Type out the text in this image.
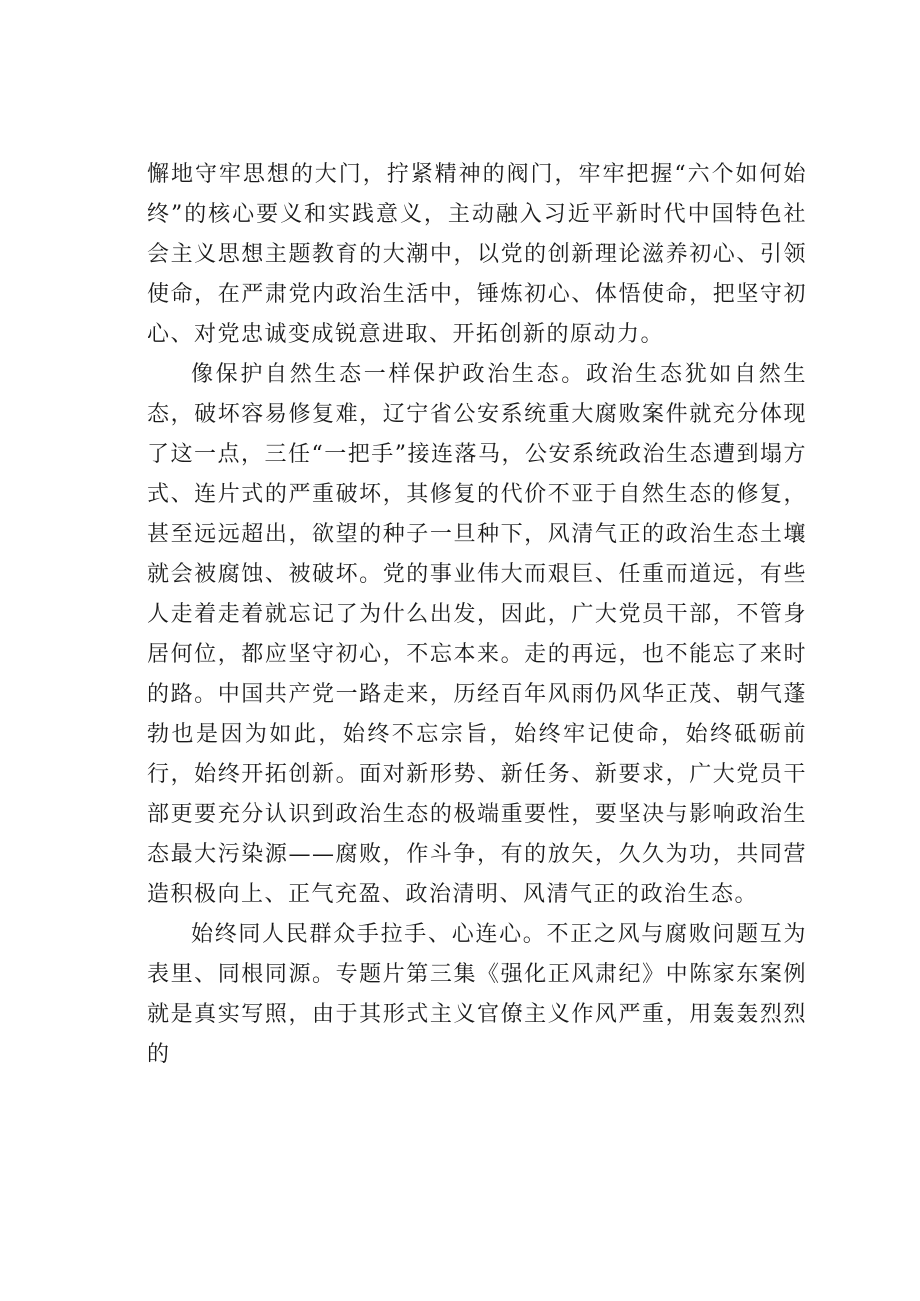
懈地守牢思想的大门，拧紧精神的阀门，牢牢把握“六个如何始终”的核心要义和实践意义，主动融入习近平新时代中国特色社会主义思想主题教育的大潮中，以党的创新理论滋养初心、引领使命，在严肃党内政治生活中，锤炼初心、体悟使命，把坚守初心、对党忠诚变成锐意进取、开拓创新的原动力。

像保护自然生态一样保护政治生态。政治生态犹如自然生态，破坏容易修复难，辽宁省公安系统重大腐败案件就充分体现了这一点，三任“一把手”接连落马，公安系统政治生态遭到塌方式、连片式的严重破坏，其修复的代价不亚于自然生态的修复，甚至远远超出，欲望的种子一旦种下，风清气正的政治生态土壤就会被腐蚀、被破坏。党的事业伟大而艰巨、任重而道远，有些人走着走着就忘记了为什么出发，因此，广大党员干部，不管身居何位，都应坚守初心，不忘本来。走的再远，也不能忘了来时的路。中国共产党一路走来，历经百年风雨仍风华正茂、朝气蓬勃也是因为如此，始终不忘宗旨，始终牢记使命，始终砥砺前行，始终开拓创新。面对新形势、新任务、新要求，广大党员干部更要充分认识到政治生态的极端重要性，要坚决与影响政治生态最大污染源——腐败，作斗争，有的放矢，久久为功，共同营造积极向上、正气充盈、政治清明、风清气正的政治生态。

始终同人民群众手拉手、心连心。不正之风与腐败问题互为表里、同根同源。专题片第三集《强化正风肃纪》中陈家东案例就是真实写照，由于其形式主义官僚主义作风严重，用轰轰烈烈的
